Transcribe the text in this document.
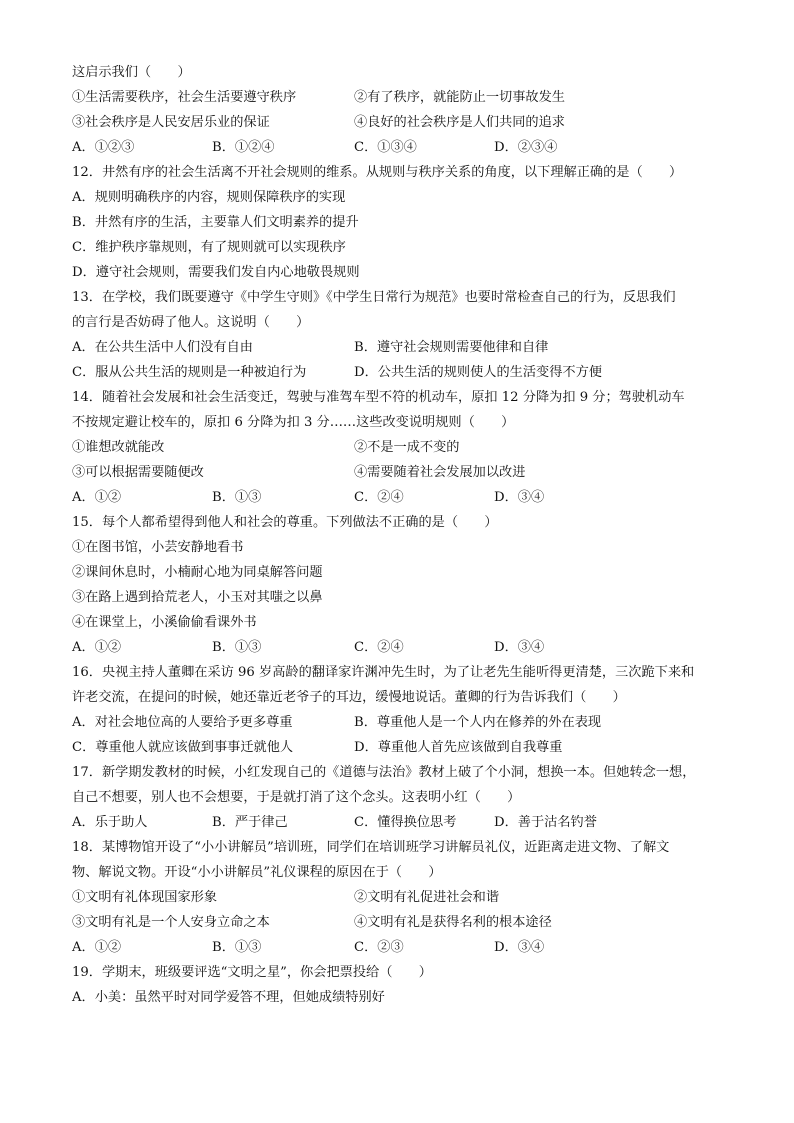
这启示我们（　　）
①生活需要秩序，社会生活要遵守秩序	②有了秩序，就能防止一切事故发生
③社会秩序是人民安居乐业的保证	④良好的社会秩序是人们共同的追求
A．①②③	B．①②④	C．①③④	D．②③④
12．井然有序的社会生活离不开社会规则的维系。从规则与秩序关系的角度，以下理解正确的是（　　）
A．规则明确秩序的内容，规则保障秩序的实现
B．井然有序的生活，主要靠人们文明素养的提升
C．维护秩序靠规则，有了规则就可以实现秩序
D．遵守社会规则，需要我们发自内心地敬畏规则
13．在学校，我们既要遵守《中学生守则》《中学生日常行为规范》也要时常检查自己的行为，反思我们
的言行是否妨碍了他人。这说明（　　）
A．在公共生活中人们没有自由	B．遵守社会规则需要他律和自律
C．服从公共生活的规则是一种被迫行为	D．公共生活的规则使人的生活变得不方便
14．随着社会发展和社会生活变迁，驾驶与准驾车型不符的机动车，原扣 12 分降为扣 9 分；驾驶机动车
不按规定避让校车的，原扣 6 分降为扣 3 分……这些改变说明规则（　　）
①谁想改就能改	②不是一成不变的
③可以根据需要随便改	④需要随着社会发展加以改进
A．①②	B．①③	C．②④	D．③④
15．每个人都希望得到他人和社会的尊重。下列做法不正确的是（　　）
①在图书馆，小芸安静地看书
②课间休息时，小楠耐心地为同桌解答问题
③在路上遇到拾荒老人，小玉对其嗤之以鼻
④在课堂上，小溪偷偷看课外书
A．①②	B．①③	C．②④	D．③④
16．央视主持人董卿在采访 96 岁高龄的翻译家许渊冲先生时，为了让老先生能听得更清楚，三次跪下来和
许老交流，在提问的时候，她还靠近老爷子的耳边，缓慢地说话。董卿的行为告诉我们（　　）
A．对社会地位高的人要给予更多尊重	B．尊重他人是一个人内在修养的外在表现
C．尊重他人就应该做到事事迁就他人	D．尊重他人首先应该做到自我尊重
17．新学期发教材的时候，小红发现自己的《道德与法治》教材上破了个小洞，想换一本。但她转念一想，
自己不想要，别人也不会想要，于是就打消了这个念头。这表明小红（　　）
A．乐于助人	B．严于律己	C．懂得换位思考	D．善于沽名钓誉
18．某博物馆开设了“小小讲解员”培训班，同学们在培训班学习讲解员礼仪，近距离走进文物、了解文
物、解说文物。开设“小小讲解员”礼仪课程的原因在于（　　）
①文明有礼体现国家形象	②文明有礼促进社会和谐
③文明有礼是一个人安身立命之本	④文明有礼是获得名利的根本途径
A．①②	B．①③	C．②③	D．③④
19．学期末，班级要评选“文明之星”，你会把票投给（　　）
A．小美：虽然平时对同学爱答不理，但她成绩特别好
